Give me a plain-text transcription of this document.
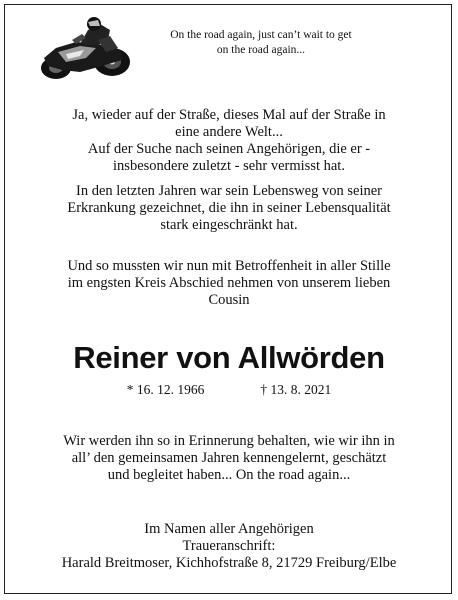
On the road again, just can’t wait to get
on the road again...
Ja, wieder auf der Straße, dieses Mal auf der Straße in
eine andere Welt...
Auf der Suche nach seinen Angehörigen, die er -
insbesondere zuletzt - sehr vermisst hat.
In den letzten Jahren war sein Lebensweg von seiner
Erkrankung gezeichnet, die ihn in seiner Lebensqualität
stark eingeschränkt hat.
Und so mussten wir nun mit Betroffenheit in aller Stille
im engsten Kreis Abschied nehmen von unserem lieben
Cousin
Reiner von Allwörden
* 16. 12. 1966	† 13. 8. 2021
Wir werden ihn so in Erinnerung behalten, wie wir ihn in
all’ den gemeinsamen Jahren kennengelernt, geschätzt
und begleitet haben... On the road again...
Im Namen aller Angehörigen
Traueranschrift:
Harald Breitmoser, Kichhofstraße 8, 21729 Freiburg/Elbe
